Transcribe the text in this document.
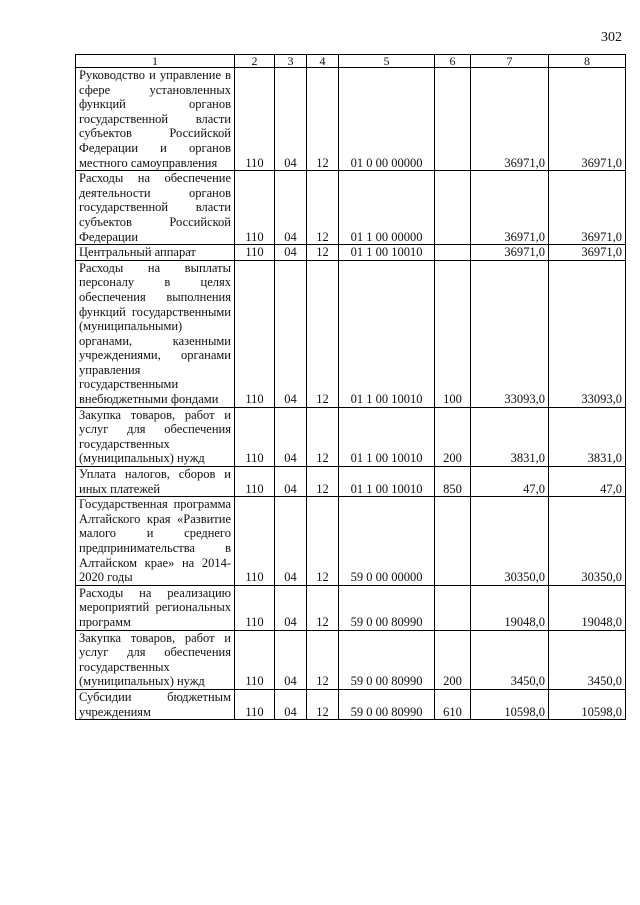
302
1	2	3	4	5	6	7	8
Руководство и управление в сфере установленных функций органов государственной власти субъектов Российской Федерации и органов местного самоуправления	110	04	12	01 0 00 00000		36971,0	36971,0
Расходы на обеспечение деятельности органов государственной власти субъектов Российской Федерации	110	04	12	01 1 00 00000		36971,0	36971,0
Центральный аппарат	110	04	12	01 1 00 10010		36971,0	36971,0
Расходы на выплаты персоналу в целях обеспечения выполнения функций государственными (муниципальными) органами, казенными учреждениями, органами управления государственными внебюджетными фондами	110	04	12	01 1 00 10010	100	33093,0	33093,0
Закупка товаров, работ и услуг для обеспечения государственных (муниципальных) нужд	110	04	12	01 1 00 10010	200	3831,0	3831,0
Уплата налогов, сборов и иных платежей	110	04	12	01 1 00 10010	850	47,0	47,0
Государственная программа Алтайского края «Развитие малого и среднего предпринимательства в Алтайском крае» на 2014-2020 годы	110	04	12	59 0 00 00000		30350,0	30350,0
Расходы на реализацию мероприятий региональных программ	110	04	12	59 0 00 80990		19048,0	19048,0
Закупка товаров, работ и услуг для обеспечения государственных (муниципальных) нужд	110	04	12	59 0 00 80990	200	3450,0	3450,0
Субсидии бюджетным учреждениям	110	04	12	59 0 00 80990	610	10598,0	10598,0
